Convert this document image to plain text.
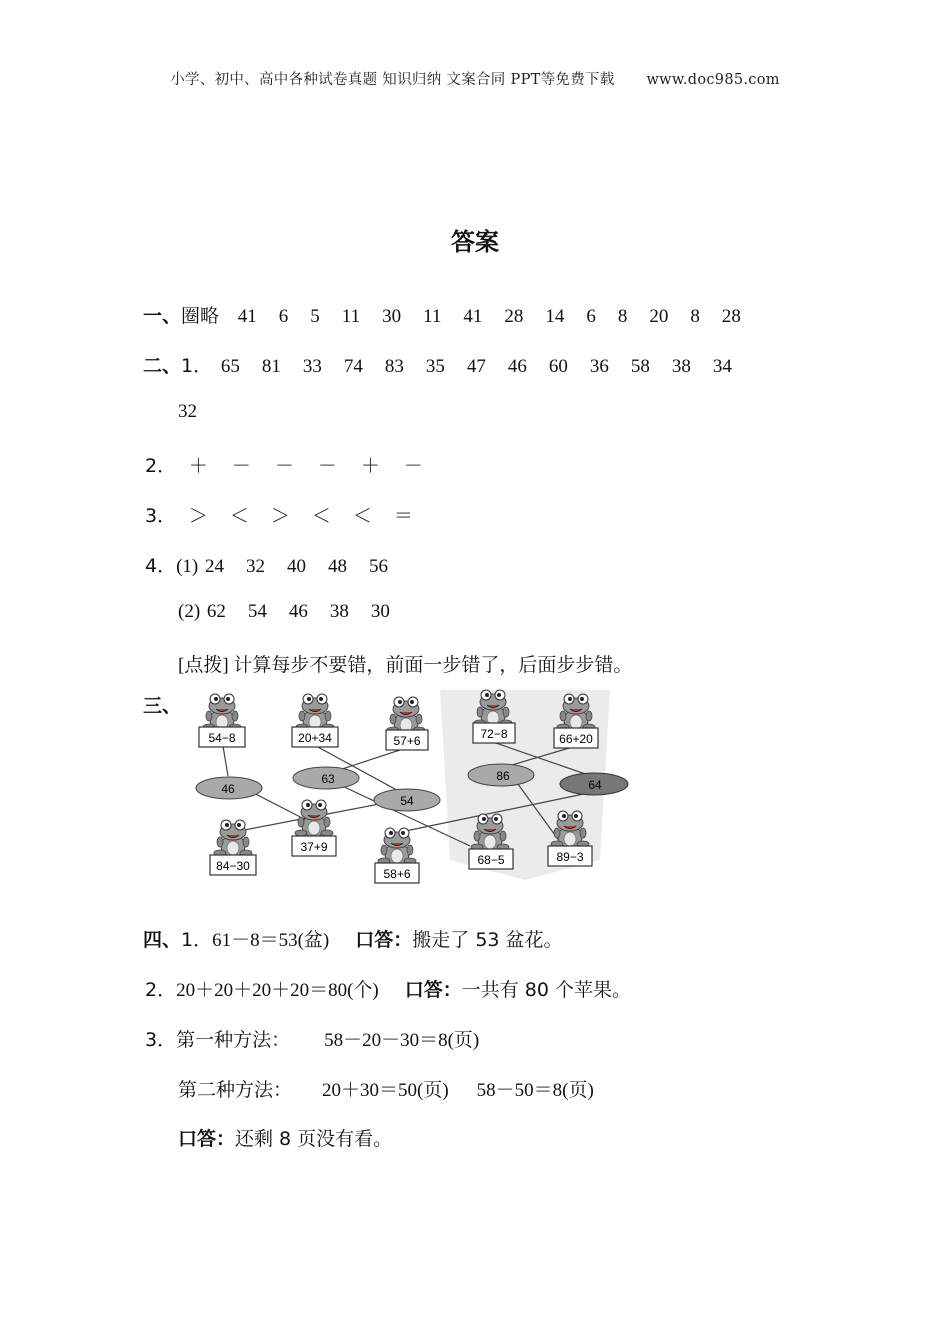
小学、初中、高中各种试卷真题 知识归纳 文案合同 PPT等免费下载 www.doc985.com
答案
一、圈略 41 6 5 11 30 11 41 28 14 6 8 20 8 28
二、1． 65 81 33 74 83 35 47 46 60 36 58 38 34
32
2． ＋ － － － ＋ －
3． ＞ ＜ ＞ ＜ ＜ ＝
4．(1) 24 32 40 48 56
(2) 62 54 46 38 30
[点拨] 计算每步不要错，前面一步错了，后面步步错。
三、
54−8	20+34	57+6	72−8	66+20
46
63
54
86
64
84−30
37+9
58+6
68−5	89−3
四、1．61－8＝53(盆) 口答：搬走了 53 盆花。
2．20＋20＋20＋20＝80(个) 口答：一共有 80 个苹果。
3．第一种方法： 58－20－30＝8(页)
第二种方法： 20＋30＝50(页) 58－50＝8(页)
口答：还剩 8 页没有看。
